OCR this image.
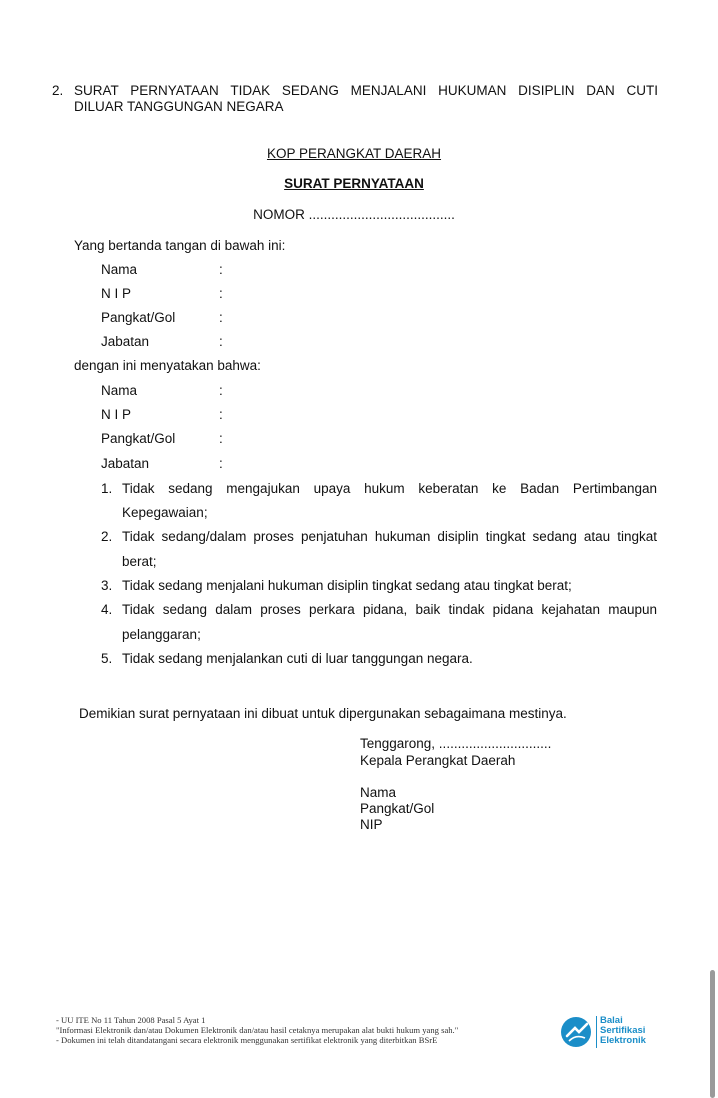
2. SURAT PERNYATAAN TIDAK SEDANG MENJALANI HUKUMAN DISIPLIN DAN CUTI
DILUAR TANGGUNGAN NEGARA
KOP PERANGKAT DAERAH
SURAT PERNYATAAN
NOMOR .......................................
Yang bertanda tangan di bawah ini:
Nama	:
N I P	:
Pangkat/Gol	:
Jabatan	:
dengan ini menyatakan bahwa:
Nama	:
N I P	:
Pangkat/Gol	:
Jabatan	:
1. Tidak sedang mengajukan upaya hukum keberatan ke Badan Pertimbangan
Kepegawaian;
2. Tidak sedang/dalam proses penjatuhan hukuman disiplin tingkat sedang atau tingkat
berat;
3. Tidak sedang menjalani hukuman disiplin tingkat sedang atau tingkat berat;
4. Tidak sedang dalam proses perkara pidana, baik tindak pidana kejahatan maupun
pelanggaran;
5. Tidak sedang menjalankan cuti di luar tanggungan negara.
Demikian surat pernyataan ini dibuat untuk dipergunakan sebagaimana mestinya.
Tenggarong, ..............................
Kepala Perangkat Daerah
Nama
Pangkat/Gol
NIP
- UU ITE No 11 Tahun 2008 Pasal 5 Ayat 1
"Informasi Elektronik dan/atau Dokumen Elektronik dan/atau hasil cetaknya merupakan alat bukti hukum yang sah."
- Dokumen ini telah ditandatangani secara elektronik menggunakan sertifikat elektronik yang diterbitkan BSrE
Balai
Sertifikasi
Elektronik
